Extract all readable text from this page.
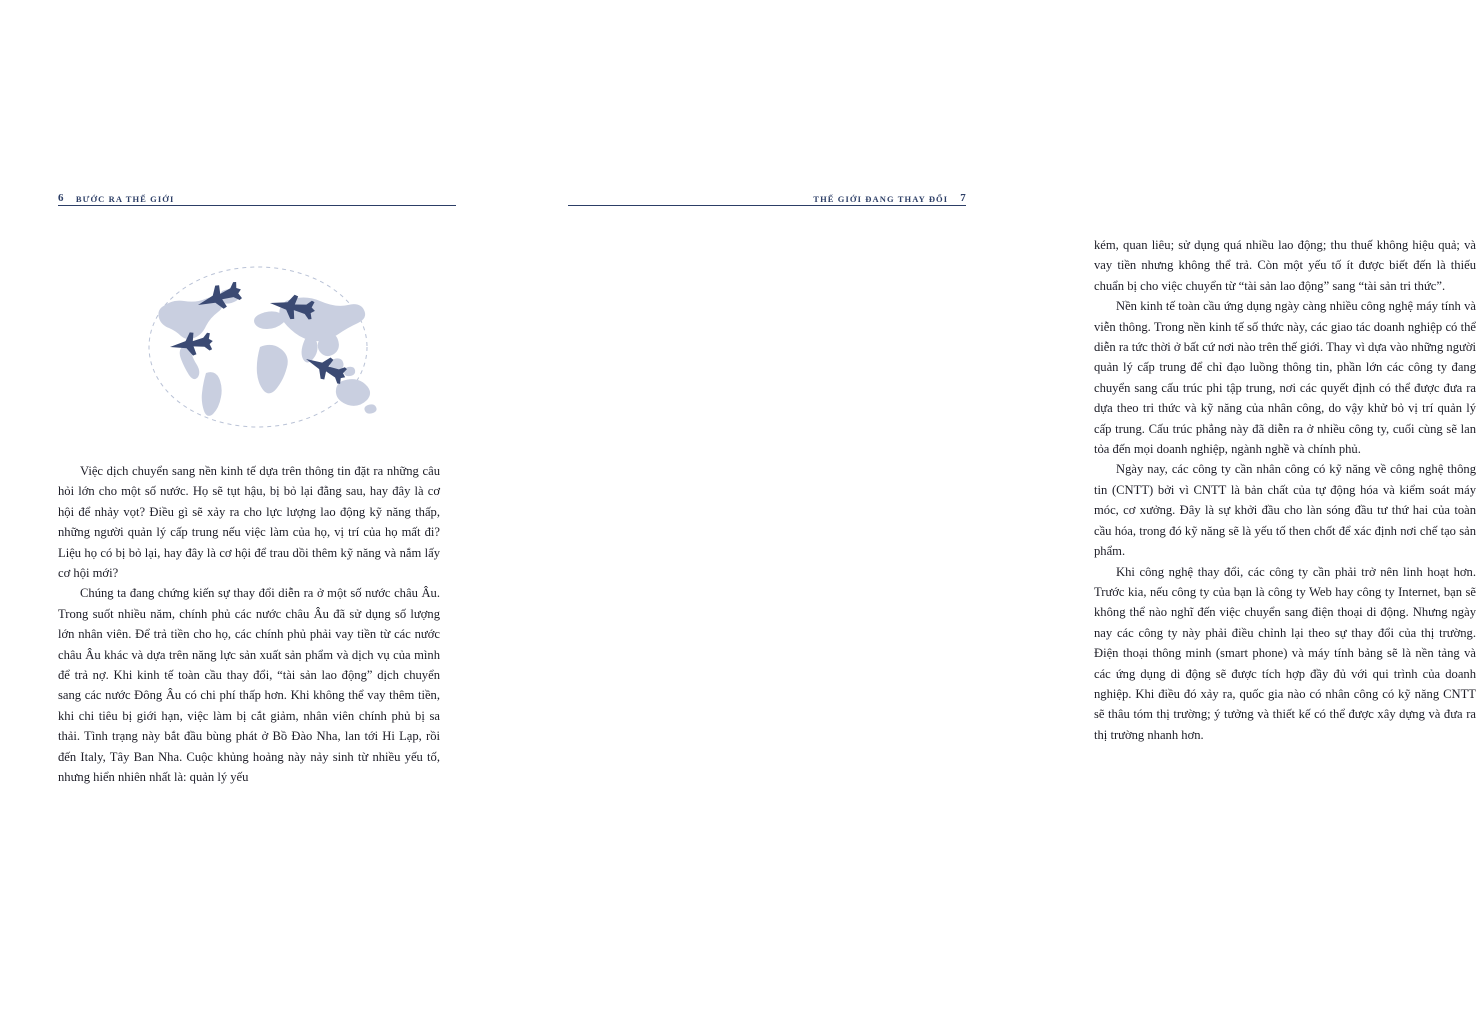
6 BƯỚC RA THẾ GIỚI

Việc dịch chuyển sang nền kinh tế dựa trên thông tin đặt ra những câu hỏi lớn cho một số nước. Họ sẽ tụt hậu, bị bỏ lại đằng sau, hay đây là cơ hội để nhảy vọt? Điều gì sẽ xảy ra cho lực lượng lao động kỹ năng thấp, những người quản lý cấp trung nếu việc làm của họ, vị trí của họ mất đi? Liệu họ có bị bỏ lại, hay đây là cơ hội để trau dồi thêm kỹ năng và nắm lấy cơ hội mới?

Chúng ta đang chứng kiến sự thay đổi diễn ra ở một số nước châu Âu. Trong suốt nhiều năm, chính phủ các nước châu Âu đã sử dụng số lượng lớn nhân viên. Để trả tiền cho họ, các chính phủ phải vay tiền từ các nước châu Âu khác và dựa trên năng lực sản xuất sản phẩm và dịch vụ của mình để trả nợ. Khi kinh tế toàn cầu thay đổi, “tài sản lao động” dịch chuyển sang các nước Đông Âu có chi phí thấp hơn. Khi không thể vay thêm tiền, khi chi tiêu bị giới hạn, việc làm bị cắt giảm, nhân viên chính phủ bị sa thải. Tình trạng này bắt đầu bùng phát ở Bồ Đào Nha, lan tới Hi Lạp, rồi đến Italy, Tây Ban Nha. Cuộc khủng hoảng này nảy sinh từ nhiều yếu tố, nhưng hiển nhiên nhất là: quản lý yếu

THẾ GIỚI ĐANG THAY ĐỔI 7

kém, quan liêu; sử dụng quá nhiều lao động; thu thuế không hiệu quả; và vay tiền nhưng không thể trả. Còn một yếu tố ít được biết đến là thiếu chuẩn bị cho việc chuyển từ “tài sản lao động” sang “tài sản tri thức”.

Nền kinh tế toàn cầu ứng dụng ngày càng nhiều công nghệ máy tính và viễn thông. Trong nền kinh tế số thức này, các giao tác doanh nghiệp có thể diễn ra tức thời ở bất cứ nơi nào trên thế giới. Thay vì dựa vào những người quản lý cấp trung để chỉ đạo luồng thông tin, phần lớn các công ty đang chuyển sang cấu trúc phi tập trung, nơi các quyết định có thể được đưa ra dựa theo tri thức và kỹ năng của nhân công, do vậy khử bỏ vị trí quản lý cấp trung. Cấu trúc phẳng này đã diễn ra ở nhiều công ty, cuối cùng sẽ lan tỏa đến mọi doanh nghiệp, ngành nghề và chính phủ.

Ngày nay, các công ty cần nhân công có kỹ năng về công nghệ thông tin (CNTT) bởi vì CNTT là bản chất của tự động hóa và kiểm soát máy móc, cơ xưởng. Đây là sự khởi đầu cho làn sóng đầu tư thứ hai của toàn cầu hóa, trong đó kỹ năng sẽ là yếu tố then chốt để xác định nơi chế tạo sản phẩm.

Khi công nghệ thay đổi, các công ty cần phải trở nên linh hoạt hơn. Trước kia, nếu công ty của bạn là công ty Web hay công ty Internet, bạn sẽ không thể nào nghĩ đến việc chuyển sang điện thoại di động. Nhưng ngày nay các công ty này phải điều chỉnh lại theo sự thay đổi của thị trường. Điện thoại thông minh (smart phone) và máy tính bảng sẽ là nền tảng và các ứng dụng di động sẽ được tích hợp đầy đủ với qui trình của doanh nghiệp. Khi điều đó xảy ra, quốc gia nào có nhân công có kỹ năng CNTT sẽ thâu tóm thị trường; ý tưởng và thiết kế có thể được xây dựng và đưa ra thị trường nhanh hơn.
